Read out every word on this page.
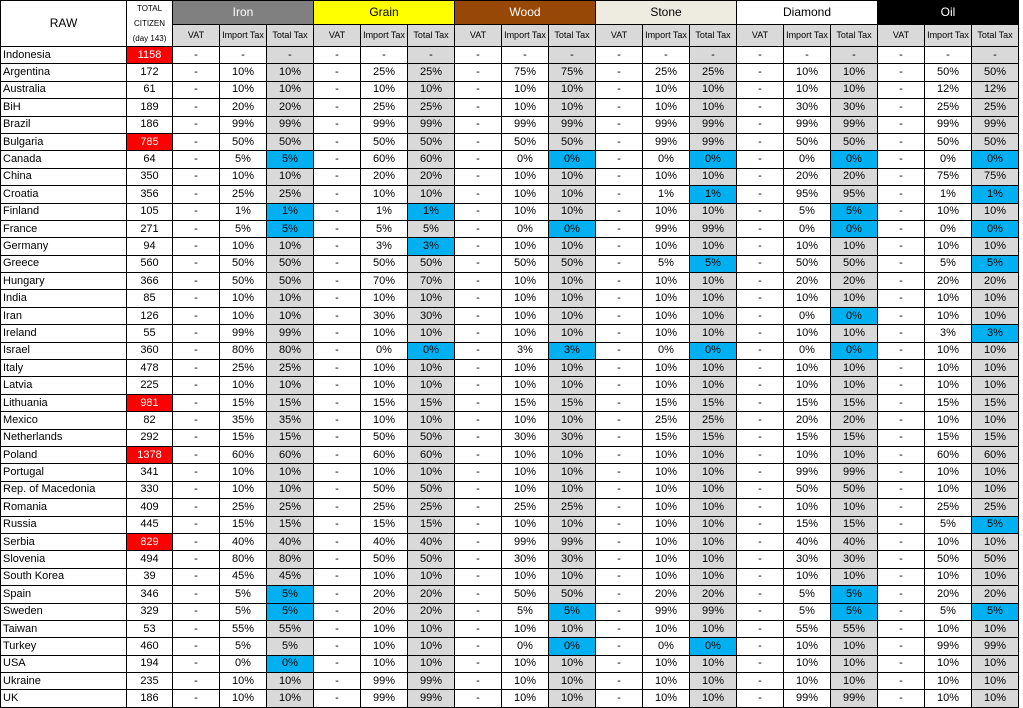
RAW	TOTAL CITIZEN (day 143)	Iron			Grain			Wood			Stone			Diamond			Oil		
		VAT	Import Tax	Total Tax	VAT	Import Tax	Total Tax	VAT	Import Tax	Total Tax	VAT	Import Tax	Total Tax	VAT	Import Tax	Total Tax	VAT	Import Tax	Total Tax
Indonesia	1158	-	-	-	-	-	-	-	-	-	-	-	-	-	-	-	-	-	-
Argentina	172	-	10%	10%	-	25%	25%	-	75%	75%	-	25%	25%	-	10%	10%	-	50%	50%
Australia	61	-	10%	10%	-	10%	10%	-	10%	10%	-	10%	10%	-	10%	10%	-	12%	12%
BiH	189	-	20%	20%	-	25%	25%	-	10%	10%	-	10%	10%	-	30%	30%	-	25%	25%
Brazil	186	-	99%	99%	-	99%	99%	-	99%	99%	-	99%	99%	-	99%	99%	-	99%	99%
Bulgaria	785	-	50%	50%	-	50%	50%	-	50%	50%	-	99%	99%	-	50%	50%	-	50%	50%
Canada	64	-	5%	5%	-	60%	60%	-	0%	0%	-	0%	0%	-	0%	0%	-	0%	0%
China	350	-	10%	10%	-	20%	20%	-	10%	10%	-	10%	10%	-	20%	20%	-	75%	75%
Croatia	356	-	25%	25%	-	10%	10%	-	10%	10%	-	1%	1%	-	95%	95%	-	1%	1%
Finland	105	-	1%	1%	-	1%	1%	-	10%	10%	-	10%	10%	-	5%	5%	-	10%	10%
France	271	-	5%	5%	-	5%	5%	-	0%	0%	-	99%	99%	-	0%	0%	-	0%	0%
Germany	94	-	10%	10%	-	3%	3%	-	10%	10%	-	10%	10%	-	10%	10%	-	10%	10%
Greece	560	-	50%	50%	-	50%	50%	-	50%	50%	-	5%	5%	-	50%	50%	-	5%	5%
Hungary	366	-	50%	50%	-	70%	70%	-	10%	10%	-	10%	10%	-	20%	20%	-	20%	20%
India	85	-	10%	10%	-	10%	10%	-	10%	10%	-	10%	10%	-	10%	10%	-	10%	10%
Iran	126	-	10%	10%	-	30%	30%	-	10%	10%	-	10%	10%	-	0%	0%	-	10%	10%
Ireland	55	-	99%	99%	-	10%	10%	-	10%	10%	-	10%	10%	-	10%	10%	-	3%	3%
Israel	360	-	80%	80%	-	0%	0%	-	3%	3%	-	0%	0%	-	0%	0%	-	10%	10%
Italy	478	-	25%	25%	-	10%	10%	-	10%	10%	-	10%	10%	-	10%	10%	-	10%	10%
Latvia	225	-	10%	10%	-	10%	10%	-	10%	10%	-	10%	10%	-	10%	10%	-	10%	10%
Lithuania	981	-	15%	15%	-	15%	15%	-	15%	15%	-	15%	15%	-	15%	15%	-	15%	15%
Mexico	82	-	35%	35%	-	10%	10%	-	10%	10%	-	25%	25%	-	20%	20%	-	10%	10%
Netherlands	292	-	15%	15%	-	50%	50%	-	30%	30%	-	15%	15%	-	15%	15%	-	15%	15%
Poland	1378	-	60%	60%	-	60%	60%	-	10%	10%	-	10%	10%	-	10%	10%	-	60%	60%
Portugal	341	-	10%	10%	-	10%	10%	-	10%	10%	-	10%	10%	-	99%	99%	-	10%	10%
Rep. of Macedonia	330	-	10%	10%	-	50%	50%	-	10%	10%	-	10%	10%	-	50%	50%	-	10%	10%
Romania	409	-	25%	25%	-	25%	25%	-	25%	25%	-	10%	10%	-	10%	10%	-	25%	25%
Russia	445	-	15%	15%	-	15%	15%	-	10%	10%	-	10%	10%	-	15%	15%	-	5%	5%
Serbia	829	-	40%	40%	-	40%	40%	-	99%	99%	-	10%	10%	-	40%	40%	-	10%	10%
Slovenia	494	-	80%	80%	-	50%	50%	-	30%	30%	-	10%	10%	-	30%	30%	-	50%	50%
South Korea	39	-	45%	45%	-	10%	10%	-	10%	10%	-	10%	10%	-	10%	10%	-	10%	10%
Spain	346	-	5%	5%	-	20%	20%	-	50%	50%	-	20%	20%	-	5%	5%	-	20%	20%
Sweden	329	-	5%	5%	-	20%	20%	-	5%	5%	-	99%	99%	-	5%	5%	-	5%	5%
Taiwan	53	-	55%	55%	-	10%	10%	-	10%	10%	-	10%	10%	-	55%	55%	-	10%	10%
Turkey	460	-	5%	5%	-	10%	10%	-	0%	0%	-	0%	0%	-	10%	10%	-	99%	99%
USA	194	-	0%	0%	-	10%	10%	-	10%	10%	-	10%	10%	-	10%	10%	-	10%	10%
Ukraine	235	-	10%	10%	-	99%	99%	-	10%	10%	-	10%	10%	-	10%	10%	-	10%	10%
UK	186	-	10%	10%	-	99%	99%	-	10%	10%	-	10%	10%	-	99%	99%	-	10%	10%
